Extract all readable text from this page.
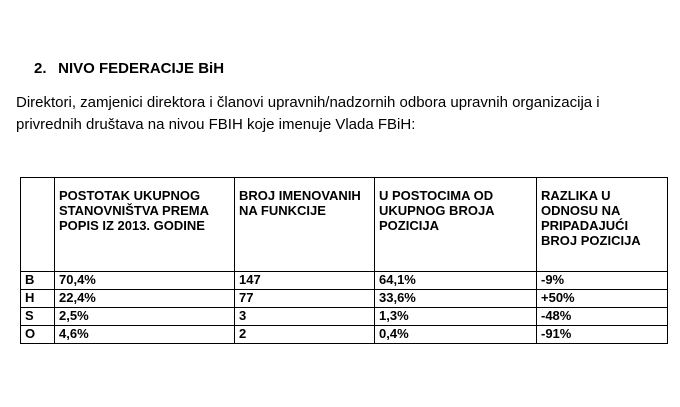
2. NIVO FEDERACIJE BiH
Direktori, zamjenici direktora i članovi upravnih/nadzornih odbora upravnih organizacija i
privrednih društava na nivou FBIH koje imenuje Vlada FBiH:
	POSTOTAK UKUPNOG STANOVNIŠTVA PREMA POPIS IZ 2013. GODINE	BROJ IMENOVANIH NA FUNKCIJE	U POSTOCIMA OD UKUPNOG BROJA POZICIJA	RAZLIKA U ODNOSU NA PRIPADAJUĆI BROJ POZICIJA
B	70,4%	147	64,1%	-9%
H	22,4%	77	33,6%	+50%
S	2,5%	3	1,3%	-48%
O	4,6%	2	0,4%	-91%
